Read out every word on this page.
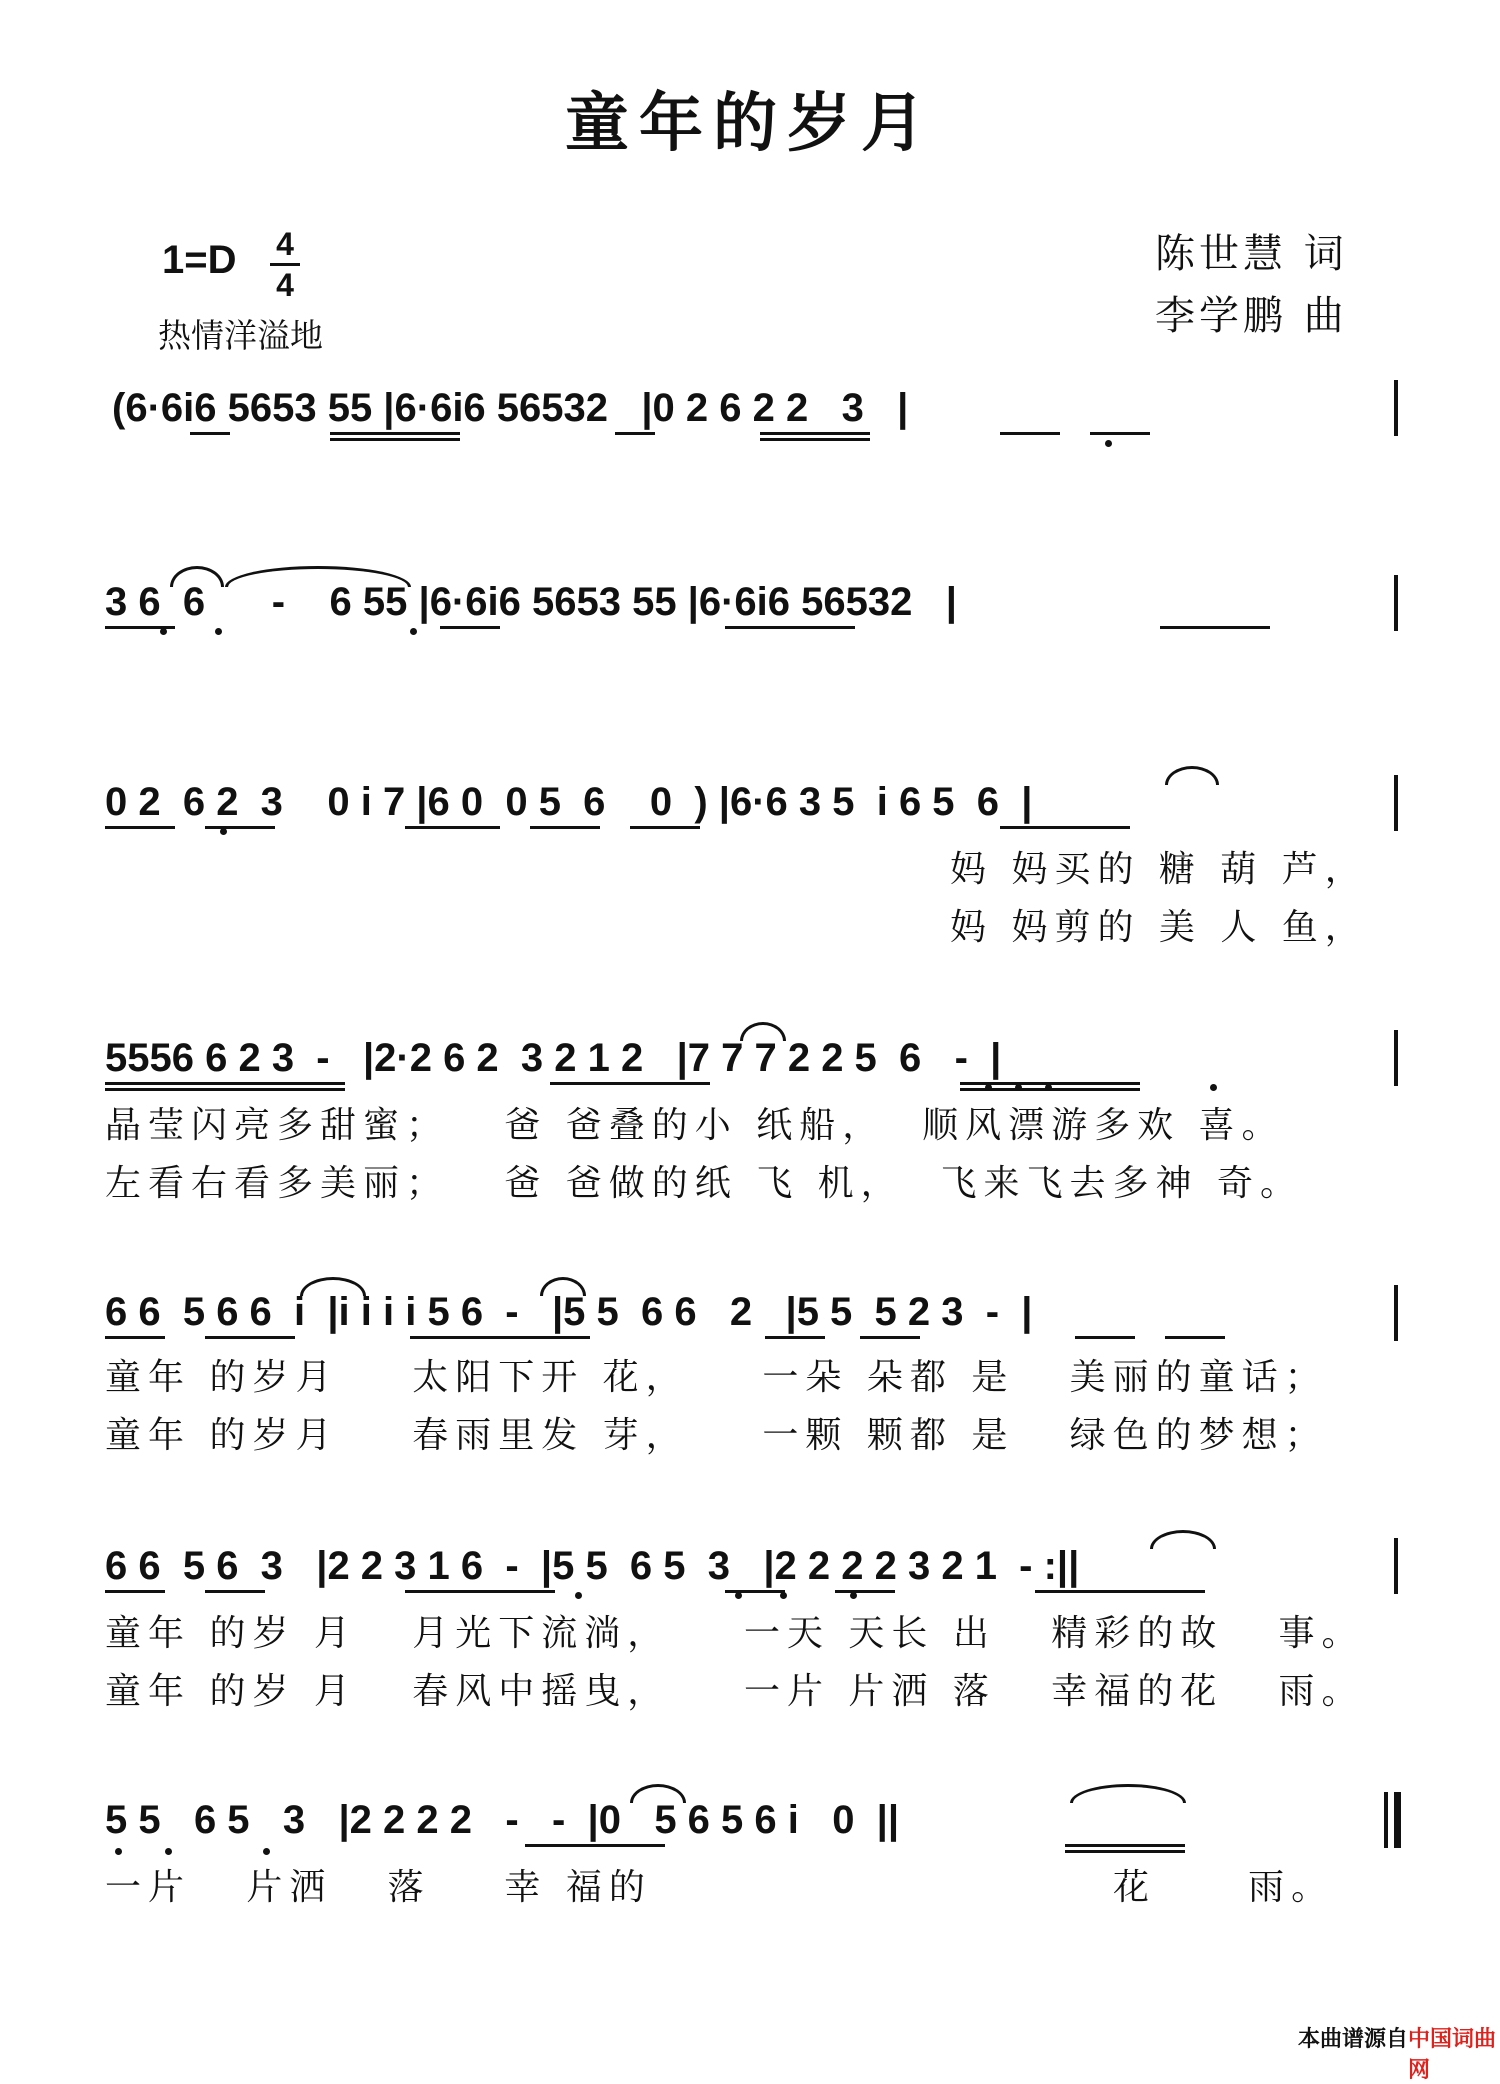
童年的岁月
1=D 4
4
热情洋溢地
陈世慧 词
李学鹏 曲
(6·6i6 5653 55 |6·6i6 56532   |0 2 6 2 2   3   |
3 6  6      -    6 55 |6·6i6 5653 55 |6·6i6 56532   |
0 2  6 2  3    0 i 7 |6 0  0 5  6    0  ) |6·6 3 5  i 6 5  6  |
妈 妈买的 糖 葫 芦，
妈 妈剪的 美 人 鱼，
5556 6 2 3  -   |2·2 6 2  3 2 1 2   |7 7 7 2 2 5  6   -  |
晶莹闪亮多甜蜜；   爸 爸叠的小 纸船，  顺风漂游多欢 喜。
左看右看多美丽；   爸 爸做的纸 飞 机，  飞来飞去多神 奇。
6 6  5 6 6  i  |i i i i 5 6  -   |5 5  6 6   2   |5 5  5 2 3  -  |
童年 的岁月    太阳下开 花，    一朵 朵都 是   美丽的童话；
童年 的岁月    春雨里发 芽，    一颗 颗都 是   绿色的梦想；
6 6  5 6  3   |2 2 3 1 6  -  |5 5  6 5  3   |2 2 2 2 3 2 1  - :||
童年 的岁 月   月光下流淌，    一天 天长 出   精彩的故   事。
童年 的岁 月   春风中摇曳，    一片 片洒 落   幸福的花   雨。
5 5   6 5   3   |2 2 2 2   -   -  |0   5 6 5 6 i   0  ||
一片   片洒   落    幸 福的                         花     雨。
本曲谱源自 中国词曲网
